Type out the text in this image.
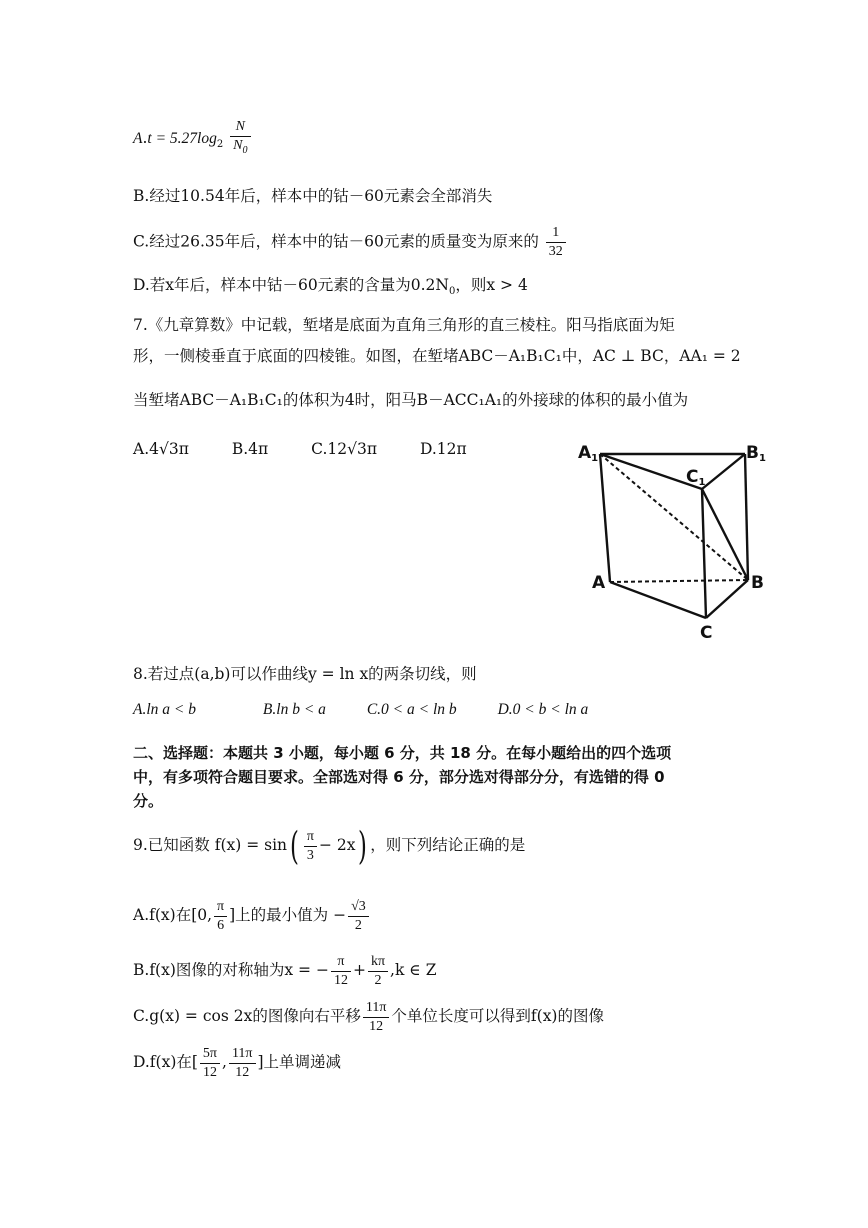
$A.t = 5.27\log_2 \frac{N}{N_0}$
B.经过10.54年后，样本中的钴－60元素会全部消失
C.经过26.35年后，样本中的钴－60元素的质量变为原来的 $\frac{1}{32}$
D.若x年后，样本中钴－60元素的含量为$0.2N_0$，则x > 4
7.《九章算数》中记载，堑堵是底面为直角三角形的直三棱柱。阳马指底面为矩
形，一侧棱垂直于底面的四棱锥。如图，在堑堵ABC－A₁B₁C₁中，AC ⊥ BC，AA₁ = 2
当堑堵ABC－A₁B₁C₁的体积为4时，阳马B－ACC₁A₁的外接球的体积的最小值为
A.4√3π	B.4π	C.12√3π	D.12π	A1	B1
C1
A	B
C
8.若过点(a,b)可以作曲线y = ln x的两条切线，则
A.ln a < b	B.ln b < a	C.0 < a < ln b	D.0 < b < ln a
二、选择题：本题共 3 小题，每小题 6 分，共 18 分。在每小题给出的四个选项
中，有多项符合题目要求。全部选对得 6 分，部分选对得部分分，有选错的得 0
分。
9.已知函数 $f(x) = \sin( \frac{\pi}{3} - 2x)$ ，则下列结论正确的是
A.f(x)在[0, $\frac{\pi}{6}$ ]上的最小值为 − $\frac{√3}{2}$
B.f(x)图像的对称轴为x = − $\frac{\pi}{12} + \frac{k\pi}{2} ,k$ ∈ Z
C.g(x) = cos 2x的图像向右平移 $\frac{11\pi}{12}$ 个单位长度可以得到f(x)的图像
D.f(x)在[ $\frac{5\pi}{12}$ , $\frac{11\pi}{12}$ ]上单调递减
